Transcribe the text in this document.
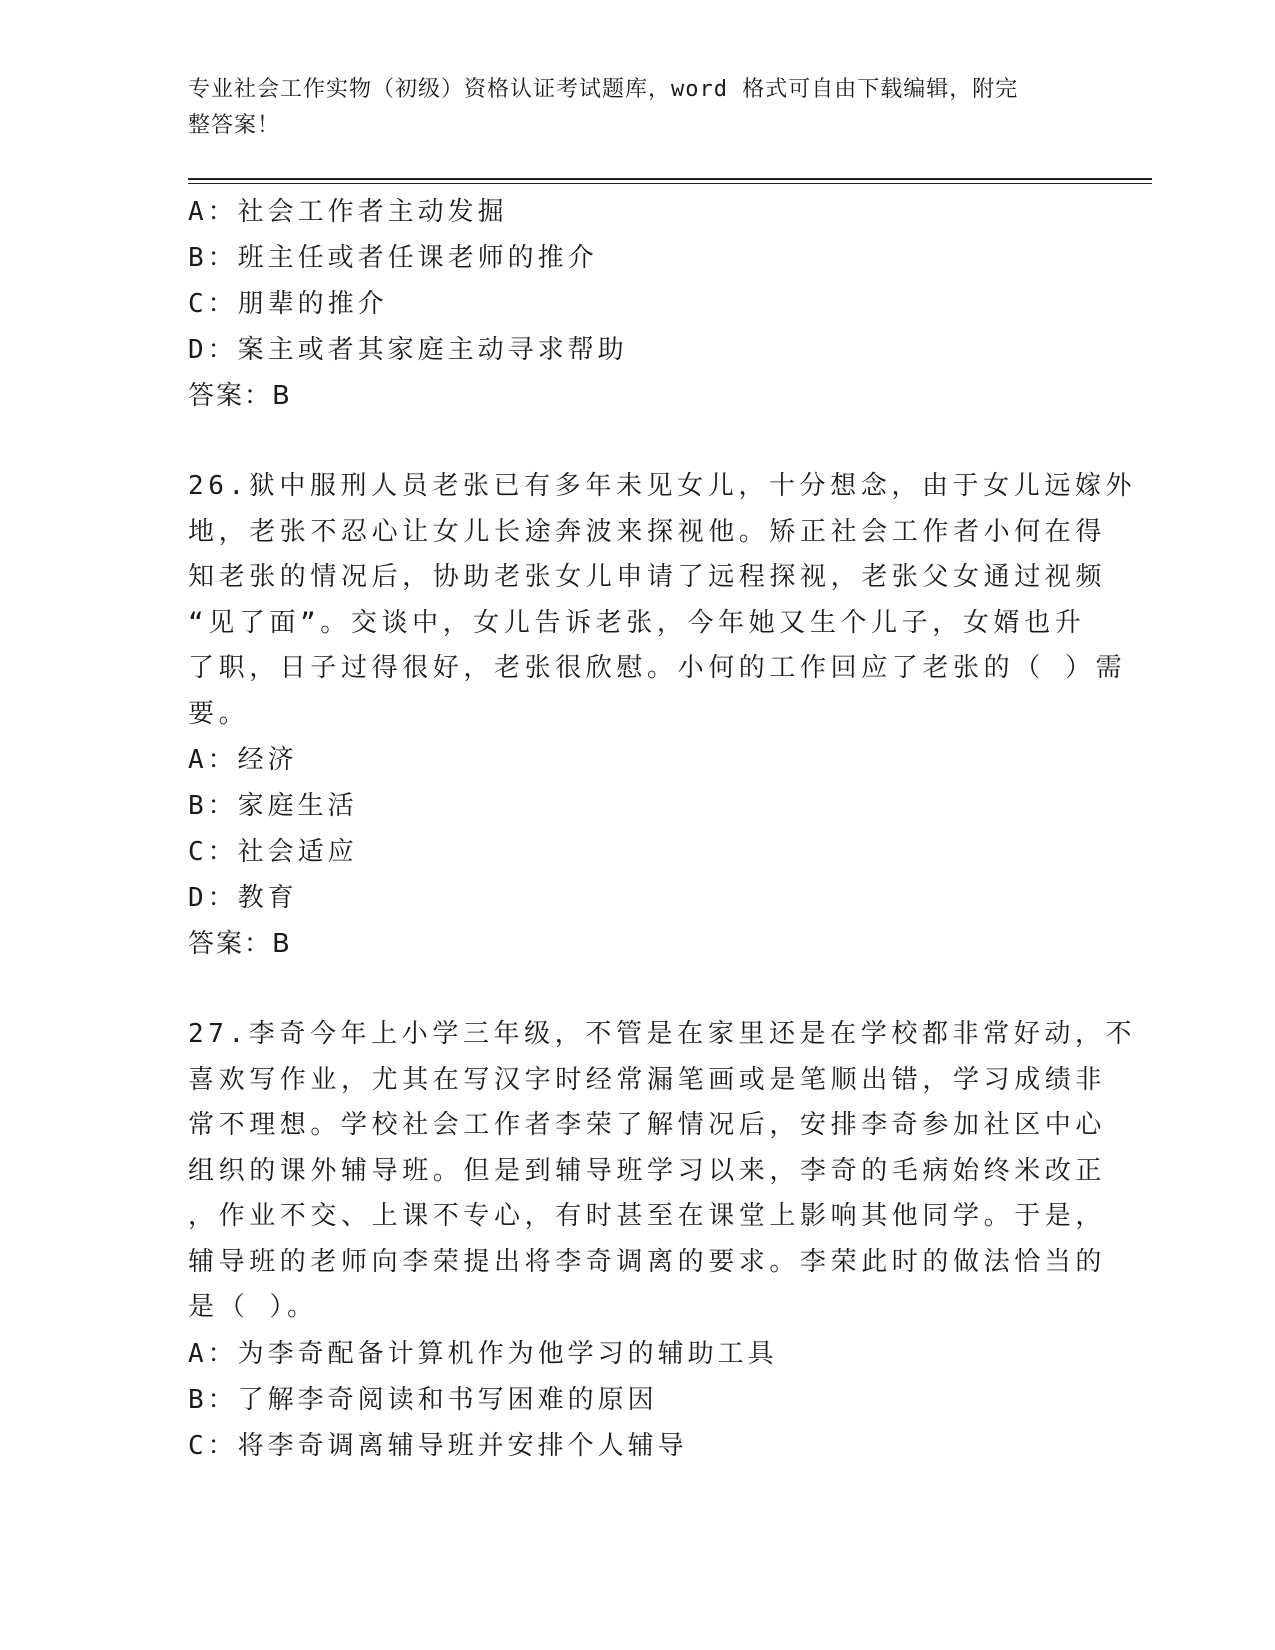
专业社会工作实物（初级）资格认证考试题库，word 格式可自由下载编辑，附完
整答案！
A：社会工作者主动发掘
B：班主任或者任课老师的推介
C：朋辈的推介
D：案主或者其家庭主动寻求帮助
答案：B
26.狱中服刑人员老张已有多年未见女儿，十分想念，由于女儿远嫁外
地，老张不忍心让女儿长途奔波来探视他。矫正社会工作者小何在得
知老张的情况后，协助老张女儿申请了远程探视，老张父女通过视频
“见了面”。交谈中，女儿告诉老张，今年她又生个儿子，女婿也升
了职，日子过得很好，老张很欣慰。小何的工作回应了老张的（ ）需
要。
A：经济
B：家庭生活
C：社会适应
D：教育
答案：B
27.李奇今年上小学三年级，不管是在家里还是在学校都非常好动，不
喜欢写作业，尤其在写汉字时经常漏笔画或是笔顺出错，学习成绩非
常不理想。学校社会工作者李荣了解情况后，安排李奇参加社区中心
组织的课外辅导班。但是到辅导班学习以来，李奇的毛病始终米改正
，作业不交、上课不专心，有时甚至在课堂上影响其他同学。于是，
辅导班的老师向李荣提出将李奇调离的要求。李荣此时的做法恰当的
是（ ）。
A：为李奇配备计算机作为他学习的辅助工具
B：了解李奇阅读和书写困难的原因
C：将李奇调离辅导班并安排个人辅导
